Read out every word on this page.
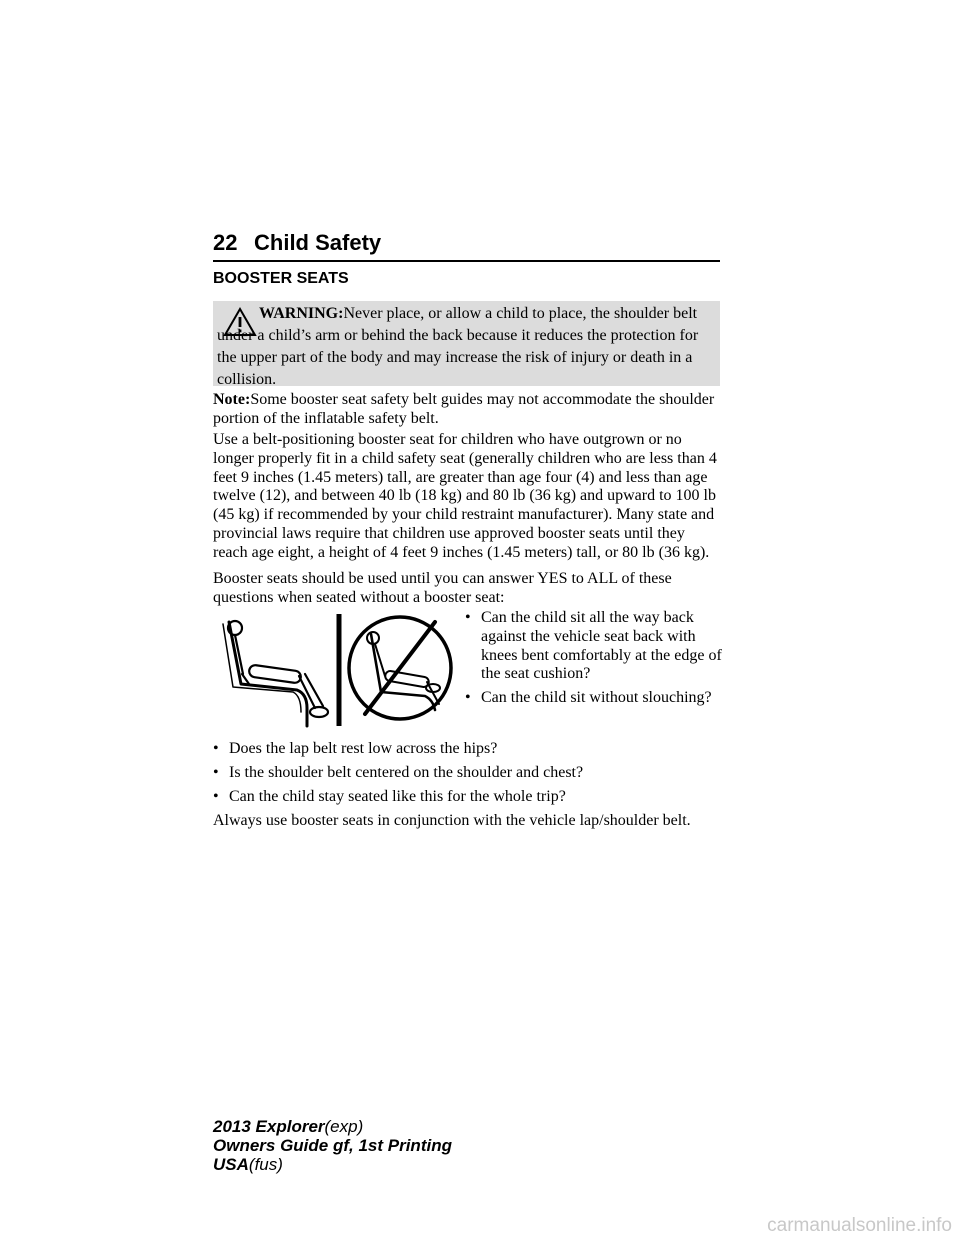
22 Child Safety
BOOSTER SEATS
WARNING:Never place, or allow a child to place, the shoulder belt under a child’s arm or behind the back because it reduces the protection for the upper part of the body and may increase the risk of injury or death in a collision.
Note:Some booster seat safety belt guides may not accommodate the shoulder portion of the inflatable safety belt.
Use a belt-positioning booster seat for children who have outgrown or no longer properly fit in a child safety seat (generally children who are less than 4 feet 9 inches (1.45 meters) tall, are greater than age four (4) and less than age twelve (12), and between 40 lb (18 kg) and 80 lb (36 kg) and upward to 100 lb (45 kg) if recommended by your child restraint manufacturer). Many state and provincial laws require that children use approved booster seats until they reach age eight, a height of 4 feet 9 inches (1.45 meters) tall, or 80 lb (36 kg).
Booster seats should be used until you can answer YES to ALL of these questions when seated without a booster seat:
• Can the child sit all the way back against the vehicle seat back with knees bent comfortably at the edge of the seat cushion?
• Can the child sit without slouching?
• Does the lap belt rest low across the hips?
• Is the shoulder belt centered on the shoulder and chest?
• Can the child stay seated like this for the whole trip?
Always use booster seats in conjunction with the vehicle lap/shoulder belt.
2013 Explorer(exp)
Owners Guide gf, 1st Printing
USA(fus)
carmanualsonline.info
